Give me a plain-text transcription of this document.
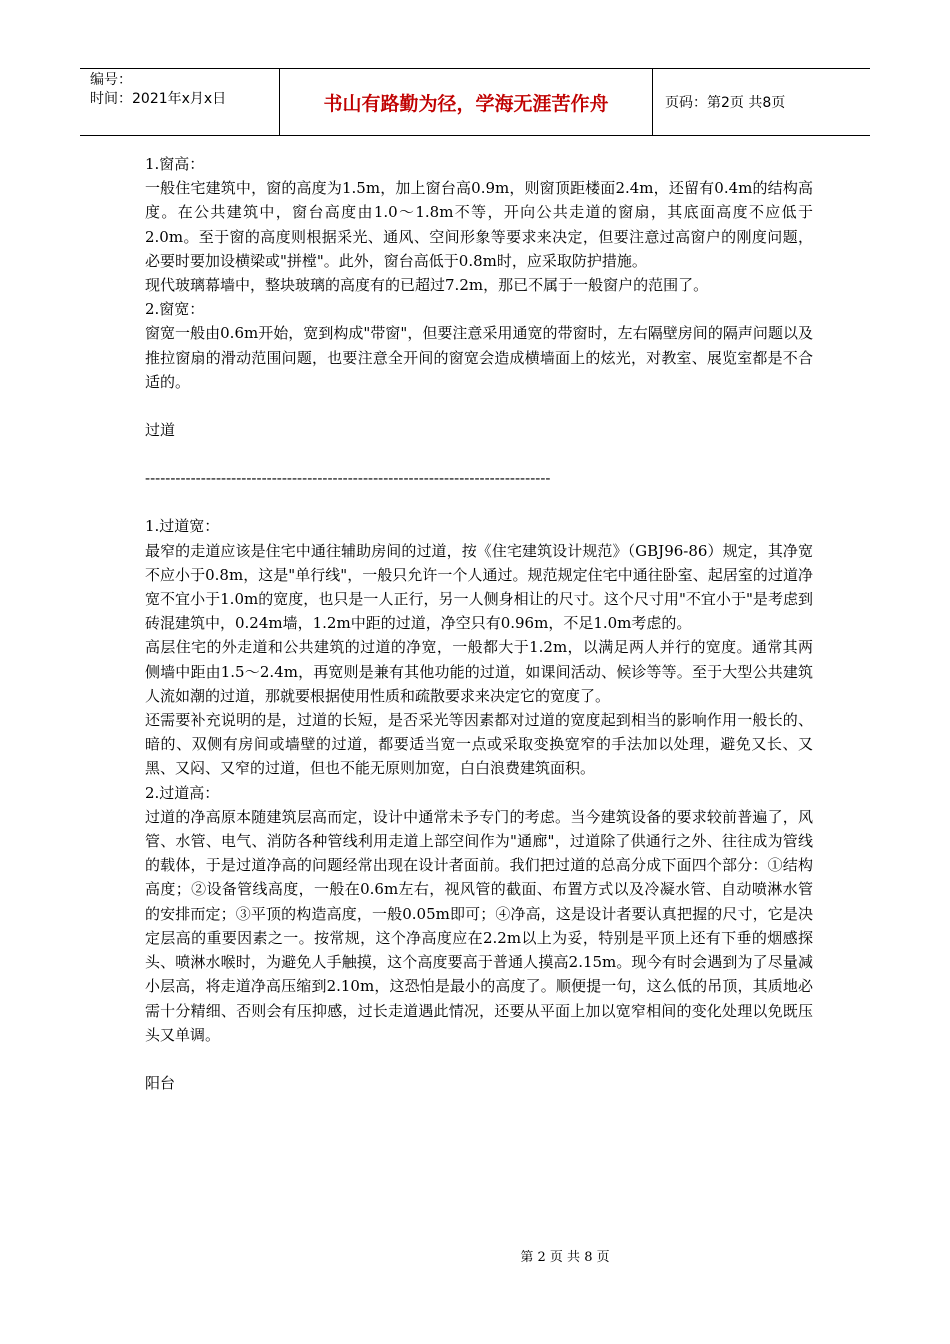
编号：
时间：2021年x月x日	书山有路勤为径，学海无涯苦作舟	页码：第2页 共8页

1.窗高：

一般住宅建筑中，窗的高度为1.5m，加上窗台高0.9m，则窗顶距楼面2.4m，还留有0.4m的结构高度。在公共建筑中，窗台高度由1.0～1.8m不等，开向公共走道的窗扇，其底面高度不应低于2.0m。至于窗的高度则根据采光、通风、空间形象等要求来决定，但要注意过高窗户的刚度问题，必要时要加设横梁或"拼樘"。此外，窗台高低于0.8m时，应采取防护措施。

现代玻璃幕墙中，整块玻璃的高度有的已超过7.2m，那已不属于一般窗户的范围了。

2.窗宽：

窗宽一般由0.6m开始，宽到构成"带窗"，但要注意采用通宽的带窗时，左右隔壁房间的隔声问题以及推拉窗扇的滑动范围问题，也要注意全开间的窗宽会造成横墙面上的炫光，对教室、展览室都是不合适的。

过道

--------------------------------------------------------------------------------

1.过道宽：

最窄的走道应该是住宅中通往辅助房间的过道，按《住宅建筑设计规范》（GBJ96-86）规定，其净宽不应小于0.8m，这是"单行线"，一般只允许一个人通过。规范规定住宅中通往卧室、起居室的过道净宽不宜小于1.0m的宽度，也只是一人正行，另一人侧身相让的尺寸。这个尺寸用"不宜小于"是考虑到砖混建筑中，0.24m墙，1.2m中距的过道，净空只有0.96m，不足1.0m考虑的。

高层住宅的外走道和公共建筑的过道的净宽，一般都大于1.2m，以满足两人并行的宽度。通常其两侧墙中距由1.5～2.4m，再宽则是兼有其他功能的过道，如课间活动、候诊等等。至于大型公共建筑人流如潮的过道，那就要根据使用性质和疏散要求来决定它的宽度了。

还需要补充说明的是，过道的长短，是否采光等因素都对过道的宽度起到相当的影响作用一般长的、暗的、双侧有房间或墙壁的过道，都要适当宽一点或采取变换宽窄的手法加以处理，避免又长、又黑、又闷、又窄的过道，但也不能无原则加宽，白白浪费建筑面积。

2.过道高：

过道的净高原本随建筑层高而定，设计中通常未予专门的考虑。当今建筑设备的要求较前普遍了，风管、水管、电气、消防各种管线利用走道上部空间作为"通廊"，过道除了供通行之外、往往成为管线的载体，于是过道净高的问题经常出现在设计者面前。我们把过道的总高分成下面四个部分：①结构高度；②设备管线高度，一般在0.6m左右，视风管的截面、布置方式以及冷凝水管、自动喷淋水管的安排而定；③平顶的构造高度，一般0.05m即可；④净高，这是设计者要认真把握的尺寸，它是决定层高的重要因素之一。按常规，这个净高度应在2.2m以上为妥，特别是平顶上还有下垂的烟感探头、喷淋水喉时，为避免人手触摸，这个高度要高于普通人摸高2.15m。现今有时会遇到为了尽量减小层高，将走道净高压缩到2.10m，这恐怕是最小的高度了。顺便提一句，这么低的吊顶，其质地必需十分精细、否则会有压抑感，过长走道遇此情况，还要从平面上加以宽窄相间的变化处理以免既压头又单调。

阳台

第 2 页 共 8 页
